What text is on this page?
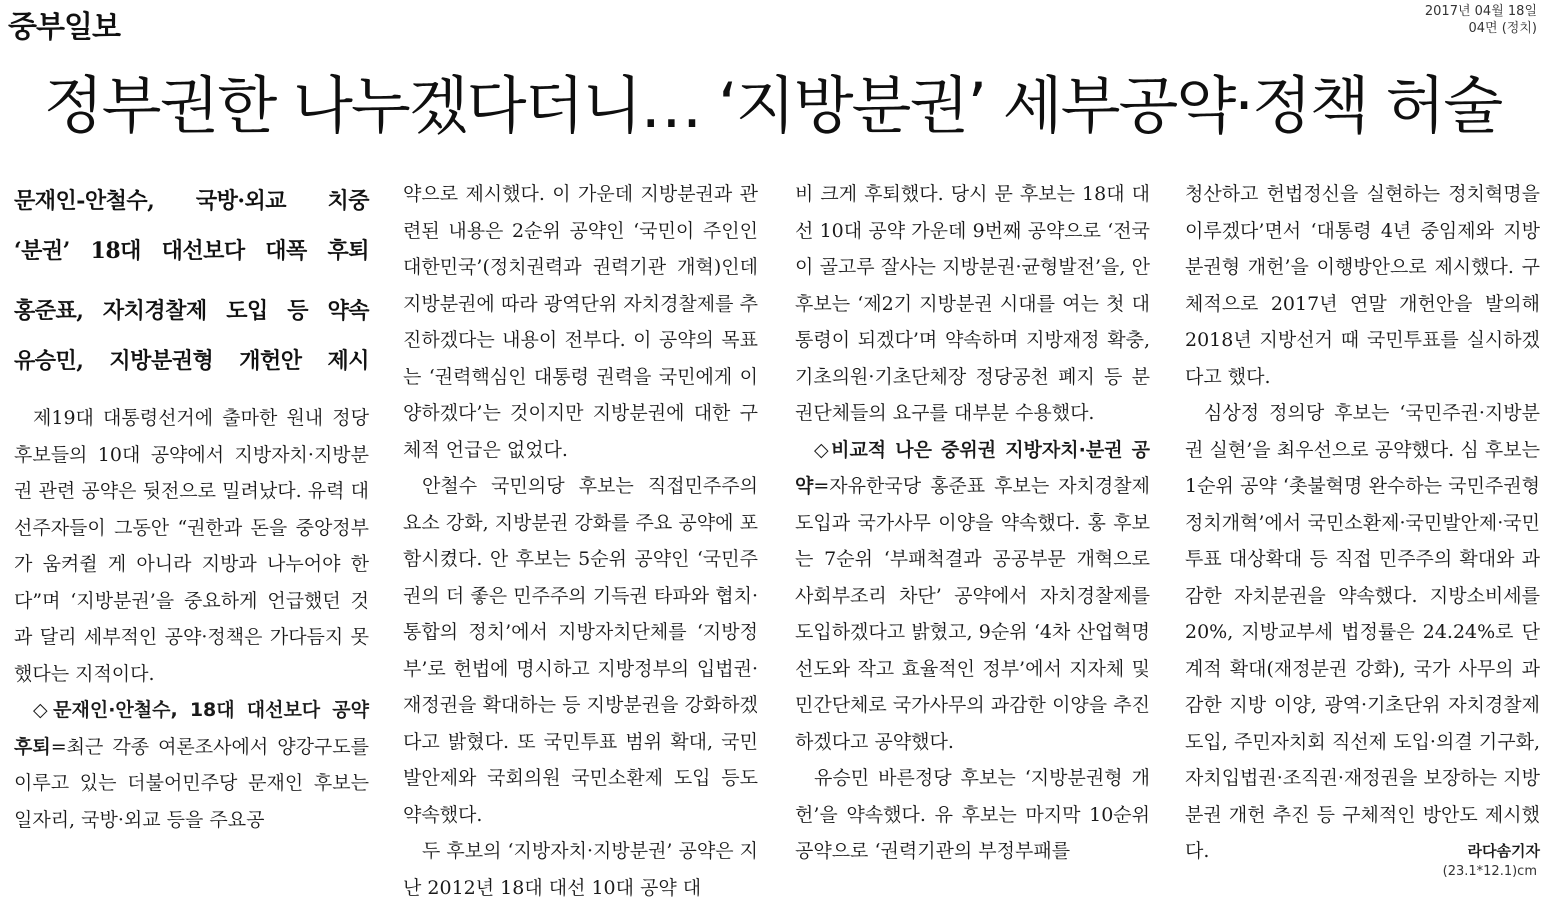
중부일보	2017년 04월 18일
04면 (정치)
정부권한 나누겠다더니… ‘지방분권’ 세부공약·정책 허술
문재인-안철수, 국방·외교 치중
‘분권’ 18대 대선보다 대폭 후퇴
홍준표, 자치경찰제 도입 등 약속
유승민, 지방분권형 개헌안 제시

제19대 대통령선거에 출마한 원내 정당후보들의 10대 공약에서 지방자치·지방분권 관련 공약은 뒷전으로 밀려났다. 유력 대선주자들이 그동안 “권한과 돈을 중앙정부가 움켜쥘 게 아니라 지방과 나누어야 한다”며 ‘지방분권’을 중요하게 언급했던 것과 달리 세부적인 공약·정책은 가다듬지 못했다는 지적이다.

◇문재인·안철수, 18대 대선보다 공약 후퇴=최근 각종 여론조사에서 양강구도를 이루고 있는 더불어민주당 문재인 후보는 일자리, 국방·외교 등을 주요공

약으로 제시했다. 이 가운데 지방분권과 관련된 내용은 2순위 공약인 ‘국민이 주인인 대한민국’(정치권력과 권력기관 개혁)인데 지방분권에 따라 광역단위 자치경찰제를 추진하겠다는 내용이 전부다. 이 공약의 목표는 ‘권력핵심인 대통령 권력을 국민에게 이양하겠다’는 것이지만 지방분권에 대한 구체적 언급은 없었다.

안철수 국민의당 후보는 직접민주주의 요소 강화, 지방분권 강화를 주요 공약에 포함시켰다. 안 후보는 5순위 공약인 ‘국민주권의 더 좋은 민주주의 기득권 타파와 협치·통합의 정치’에서 지방자치단체를 ‘지방정부’로 헌법에 명시하고 지방정부의 입법권·재정권을 확대하는 등 지방분권을 강화하겠다고 밝혔다. 또 국민투표 범위 확대, 국민발안제와 국회의원 국민소환제 도입 등도 약속했다.

두 후보의 ‘지방자치·지방분권’ 공약은 지난 2012년 18대 대선 10대 공약 대

비 크게 후퇴했다. 당시 문 후보는 18대 대선 10대 공약 가운데 9번째 공약으로 ‘전국이 골고루 잘사는 지방분권·균형발전’을, 안 후보는 ‘제2기 지방분권 시대를 여는 첫 대통령이 되겠다’며 약속하며 지방재정 확충, 기초의원·기초단체장 정당공천 폐지 등 분권단체들의 요구를 대부분 수용했다.

◇비교적 나은 중위권 지방자치·분권 공약=자유한국당 홍준표 후보는 자치경찰제 도입과 국가사무 이양을 약속했다. 홍 후보는 7순위 ‘부패척결과 공공부문 개혁으로 사회부조리 차단’ 공약에서 자치경찰제를 도입하겠다고 밝혔고, 9순위 ‘4차 산업혁명 선도와 작고 효율적인 정부’에서 지자체 및 민간단체로 국가사무의 과감한 이양을 추진하겠다고 공약했다.

유승민 바른정당 후보는 ‘지방분권형 개헌’을 약속했다. 유 후보는 마지막 10순위 공약으로 ‘권력기관의 부정부패를

청산하고 헌법정신을 실현하는 정치혁명을 이루겠다’면서 ‘대통령 4년 중임제와 지방분권형 개헌’을 이행방안으로 제시했다. 구체적으로 2017년 연말 개헌안을 발의해 2018년 지방선거 때 국민투표를 실시하겠다고 했다.

심상정 정의당 후보는 ‘국민주권·지방분권 실현’을 최우선으로 공약했다. 심 후보는 1순위 공약 ‘촛불혁명 완수하는 국민주권형 정치개혁’에서 국민소환제·국민발안제·국민투표 대상확대 등 직접 민주주의 확대와 과감한 자치분권을 약속했다. 지방소비세를 20%, 지방교부세 법정률은 24.24%로 단계적 확대(재정분권 강화), 국가 사무의 과감한 지방 이양, 광역·기초단위 자치경찰제 도입, 주민자치회 직선제 도입·의결 기구화, 자치입법권·조직권·재정권을 보장하는 지방분권 개헌 추진 등 구체적인 방안도 제시했다.	라다솜기자

(23.1*12.1)cm
